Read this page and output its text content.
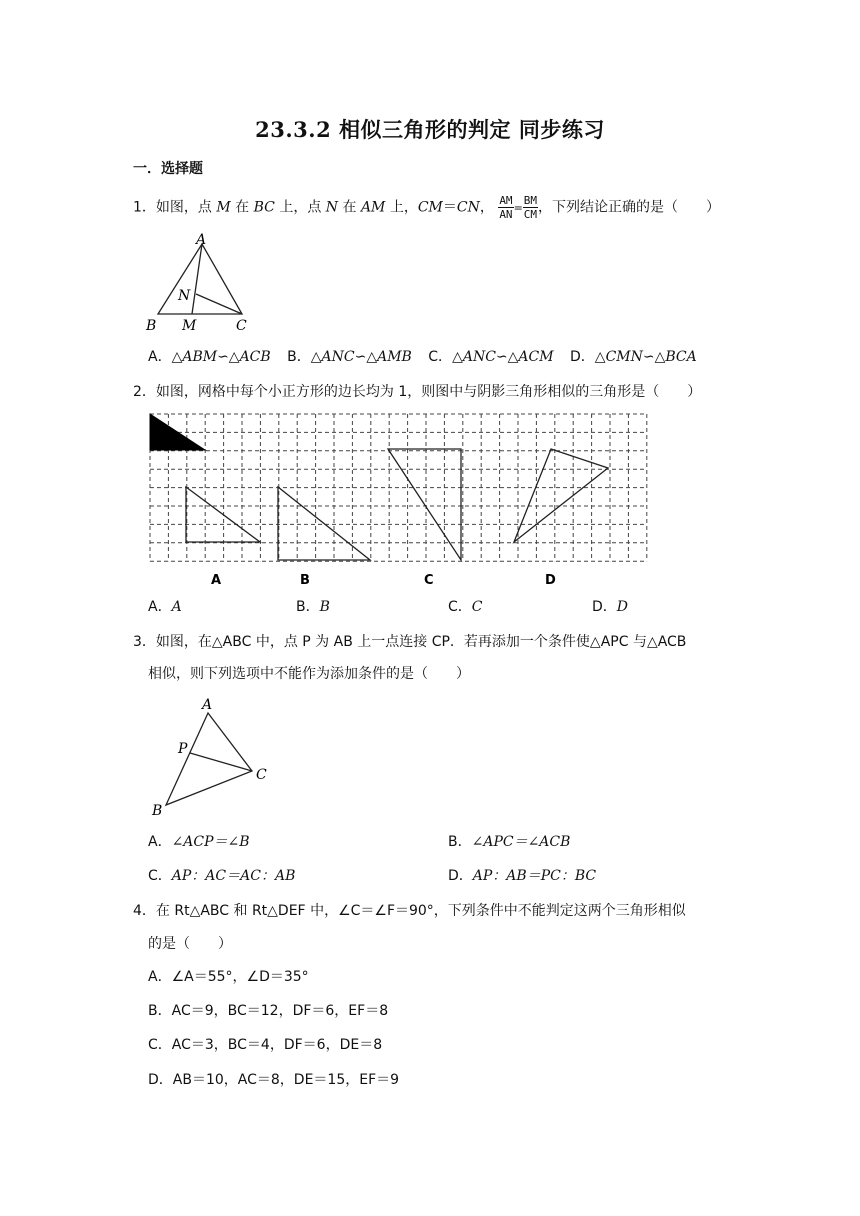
23.3.2 相似三角形的判定 同步练习
一．选择题
1．如图，点 M 在 BC 上，点 N 在 AM 上，CM＝CN， $\frac{AM}{AN} = \frac{BM}{CM}$ ，下列结论正确的是（　　）
A
N
B M	C
A．△ABM∽△ACB B．△ANC∽△AMB C．△ANC∽△ACM D．△CMN∽△BCA
2．如图，网格中每个小正方形的边长均为 1，则图中与阴影三角形相似的三角形是（　　）
A	B	C	D
A．A	B．B	C．C	D．D
3．如图，在△ABC 中，点 P 为 AB 上一点连接 CP．若再添加一个条件使△APC 与△ACB
相似，则下列选项中不能作为添加条件的是（　　）
A
P
C
B
A．∠ACP＝∠B	B．∠APC＝∠ACB
C．AP：AC＝AC：AB	D．AP：AB＝PC：BC
4．在 Rt△ABC 和 Rt△DEF 中，∠C＝∠F＝90°，下列条件中不能判定这两个三角形相似
的是（　　）
A．∠A＝55°，∠D＝35°
B．AC＝9，BC＝12，DF＝6，EF＝8
C．AC＝3，BC＝4，DF＝6，DE＝8
D．AB＝10，AC＝8，DE＝15，EF＝9
